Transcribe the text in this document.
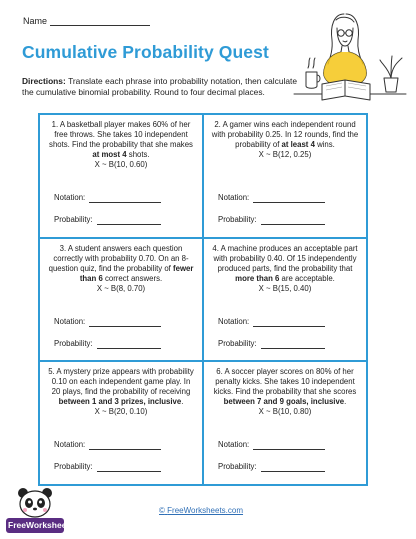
Name
Cumulative Probability Quest
Directions: Translate each phrase into probability notation, then calculate the cumulative binomial probability. Round to four decimal places.
1. A basketball player makes 60% of her free throws. She takes 10 independent shots. Find the probability that she makes at most 4 shots.
X ~ B(10, 0.60)
Notation:
Probability:
2. A gamer wins each independent round with probability 0.25. In 12 rounds, find the probability of at least 4 wins.
X ~ B(12, 0.25)
Notation:
Probability:
3. A student answers each question correctly with probability 0.70. On an 8-question quiz, find the probability of fewer than 6 correct answers.
X ~ B(8, 0.70)
Notation:
Probability:
4. A machine produces an acceptable part with probability 0.40. Of 15 independently produced parts, find the probability that more than 6 are acceptable.
X ~ B(15, 0.40)
Notation:
Probability:
5. A mystery prize appears with probability 0.10 on each independent game play. In 20 plays, find the probability of receiving between 1 and 3 prizes, inclusive.
X ~ B(20, 0.10)
Notation:
Probability:
6. A soccer player scores on 80% of her penalty kicks. She takes 10 independent kicks. Find the probability that she scores between 7 and 9 goals, inclusive.
X ~ B(10, 0.80)
Notation:
Probability:
FreeWorksheets
© FreeWorksheets.com
